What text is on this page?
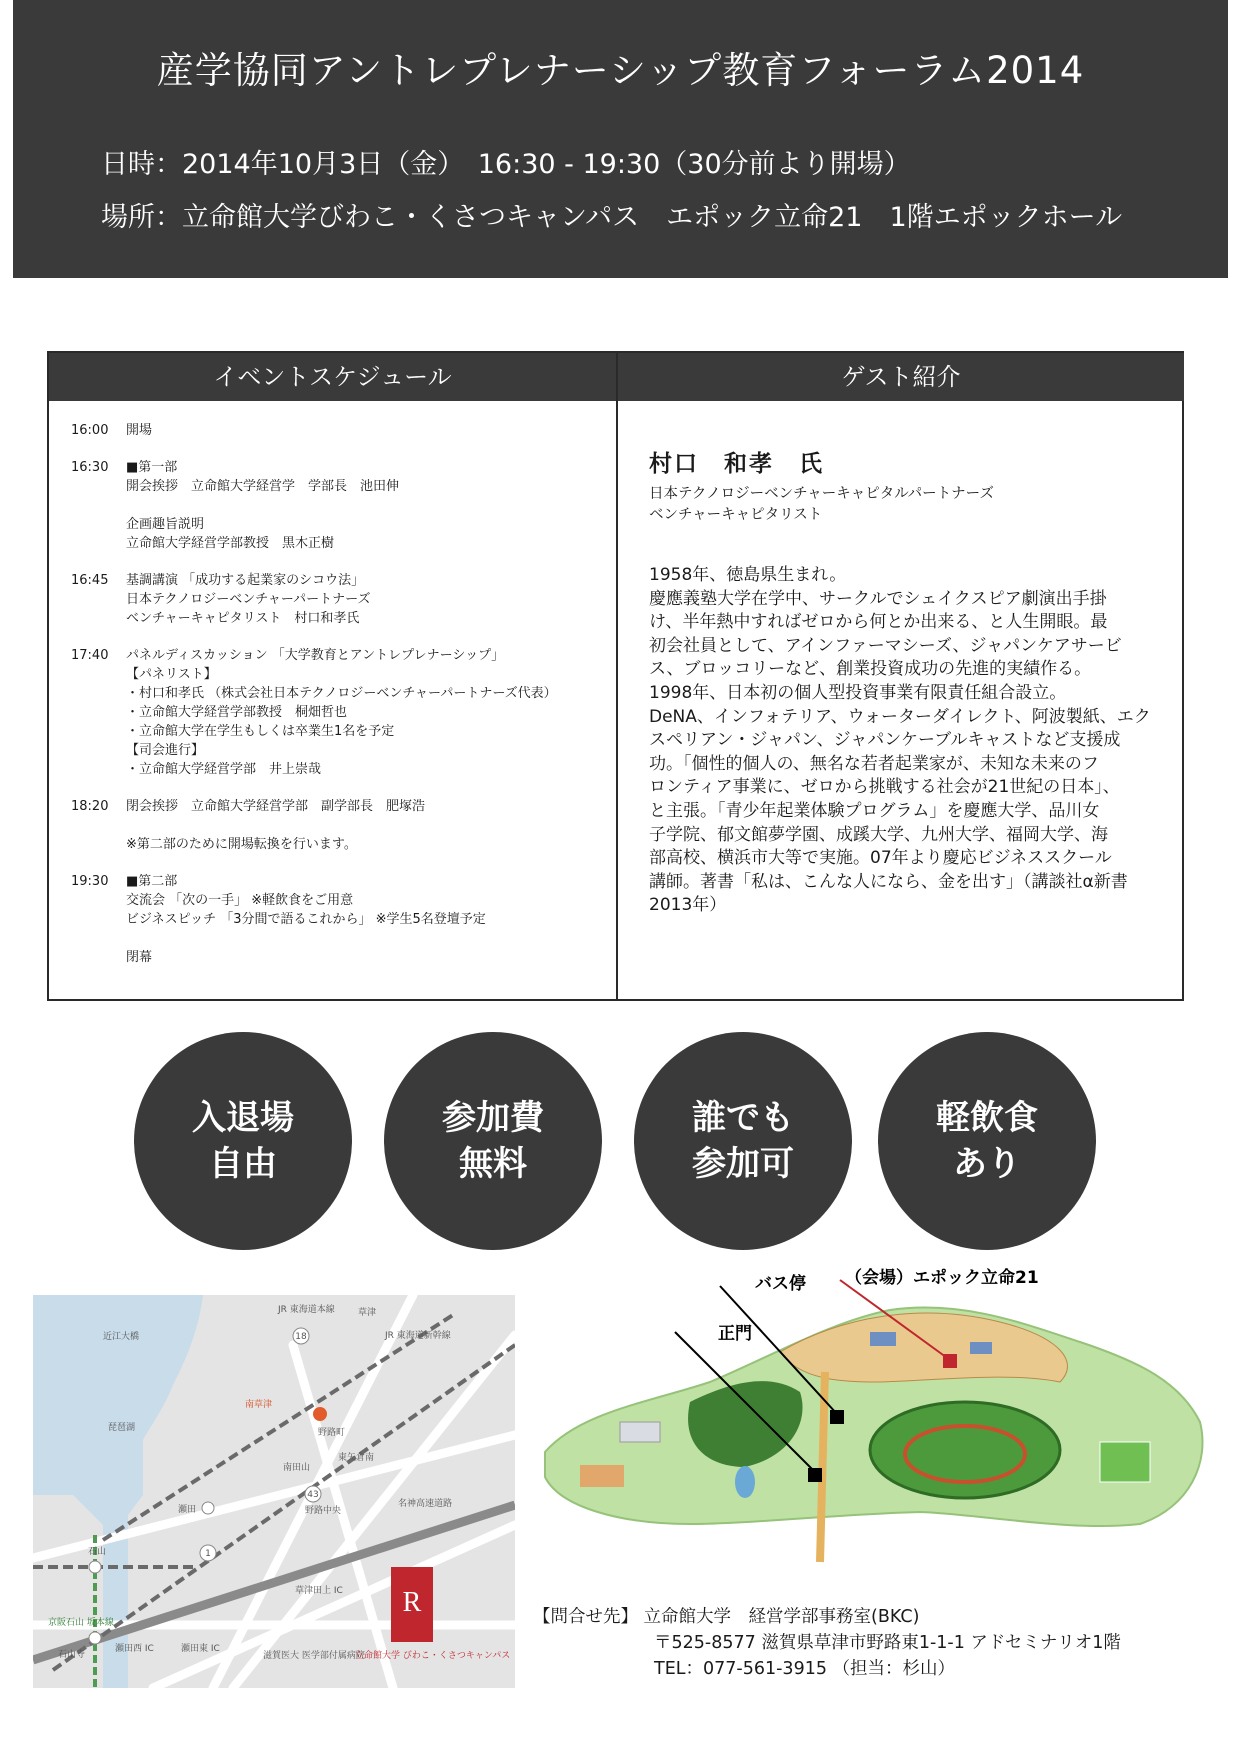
産学協同アントレプレナーシップ教育フォーラム2014
日時：2014年10月3日（金）　16:30 ‐ 19:30（30分前より開場）
場所：立命館大学びわこ・くさつキャンパス　エポック立命21　1階エポックホール
イベントスケジュール	ゲスト紹介
16:00	開場
16:30	■第一部
開会挨拶　立命館大学経営学　学部長　池田伸

企画趣旨説明
立命館大学経営学部教授　黒木正樹
16:45	基調講演 「成功する起業家のシコウ法」
日本テクノロジーベンチャーパートナーズ
ベンチャーキャピタリスト　村口和孝氏
17:40	パネルディスカッション 「大学教育とアントレプレナーシップ」
【パネリスト】
・村口和孝氏 （株式会社日本テクノロジーベンチャーパートナーズ代表）
・立命館大学経営学部教授　桐畑哲也
・立命館大学在学生もしくは卒業生1名を予定
【司会進行】
・立命館大学経営学部　井上崇哉
18:20	閉会挨拶　立命館大学経営学部　副学部長　肥塚浩

※第二部のために開場転換を行います。
19:30	■第二部
交流会 「次の一手」 ※軽飲食をご用意
ビジネスピッチ 「3分間で語るこれから」 ※学生5名登壇予定

閉幕
村口　和孝　氏
日本テクノロジーベンチャーキャピタルパートナーズ
ベンチャーキャピタリスト
1958年、徳島県生まれ。
慶應義塾大学在学中、サークルでシェイクスピア劇演出手掛
け、半年熱中すればゼロから何とか出来る、と人生開眼。最
初会社員として、アインファーマシーズ、ジャパンケアサービ
ス、ブロッコリーなど、創業投資成功の先進的実績作る。
1998年、日本初の個人型投資事業有限責任組合設立。
DeNA、インフォテリア、ウォーターダイレクト、阿波製紙、エク
スペリアン・ジャパン、ジャパンケーブルキャストなど支援成
功。「個性的個人の、無名な若者起業家が、未知な未来のフ
ロンティア事業に、ゼロから挑戦する社会が21世紀の日本」、
と主張。「青少年起業体験プログラム」を慶應大学、品川女
子学院、郁文館夢学園、成蹊大学、九州大学、福岡大学、海
部高校、横浜市大等で実施。07年より慶応ビジネススクール
講師。著書「私は、こんな人になら、金を出す」（講談社α新書
2013年）
入退場
自由
参加費
無料
誰でも
参加可
軽飲食
あり
18
43
1
草津
JR 東海道本線
JR 東海道新幹線
近江大橋
琵琶湖
南草津
野路町
東矢倉南
南田山
瀬田	野路中央
名神高速道路
石山
京阪石山 坂本線
草津田上 IC
石山寺
瀬田西 IC	瀬田東 IC
滋賀医大 医学部付属病院
立命館大学 びわこ・くさつキャンパス
R
（会場）エポック立命21
バス停
正門
【問合せ先】 立命館大学　経営学部事務室(BKC)
〒525-8577 滋賀県草津市野路東1-1-1 アドセミナリオ1階
TEL：077-561-3915 （担当：杉山）
